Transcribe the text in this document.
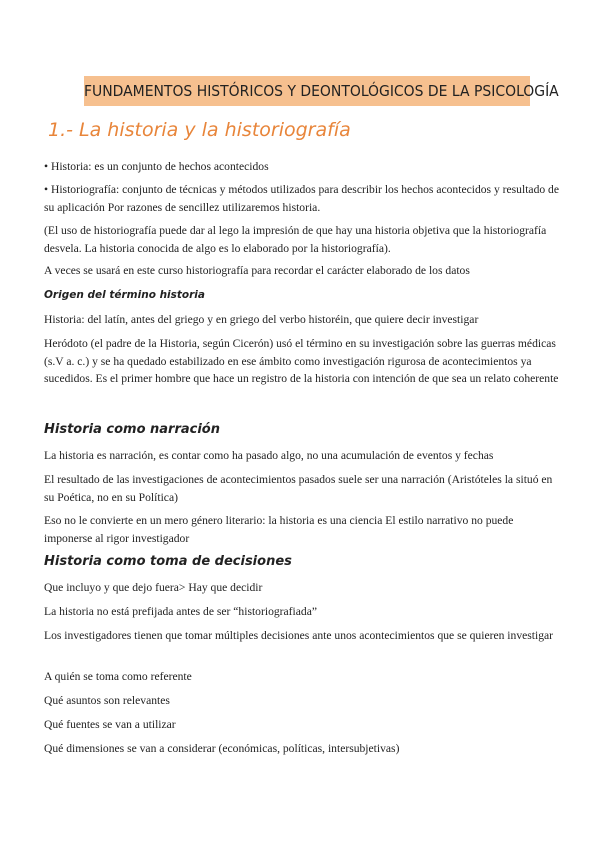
FUNDAMENTOS HISTÓRICOS Y DEONTOLÓGICOS DE LA PSICOLOGÍA
1.- La historia y la historiografía
• Historia: es un conjunto de hechos acontecidos
• Historiografía: conjunto de técnicas y métodos utilizados para describir los hechos acontecidos y resultado de su aplicación Por razones de sencillez utilizaremos historia.
(El uso de historiografía puede dar al lego la impresión de que hay una historia objetiva que la historiografía desvela. La historia conocida de algo es lo elaborado por la historiografía).
A veces se usará en este curso historiografía para recordar el carácter elaborado de los datos
Origen del término historia
Historia: del latín, antes del griego y en griego del verbo historéin, que quiere decir investigar
Heródoto (el padre de la Historia, según Cicerón) usó el término en su investigación sobre las guerras médicas (s.V a. c.) y se ha quedado estabilizado en ese ámbito como investigación rigurosa de acontecimientos ya sucedidos. Es el primer hombre que hace un registro de la historia con intención de que sea un relato coherente
Historia como narración
La historia es narración, es contar como ha pasado algo, no una acumulación de eventos y fechas
El resultado de las investigaciones de acontecimientos pasados suele ser una narración (Aristóteles la situó en su Poética, no en su Política)
Eso no le convierte en un mero género literario: la historia es una ciencia El estilo narrativo no puede imponerse al rigor investigador
Historia como toma de decisiones
Que incluyo y que dejo fuera> Hay que decidir
La historia no está prefijada antes de ser “historiografiada”
Los investigadores tienen que tomar múltiples decisiones ante unos acontecimientos que se quieren investigar
A quién se toma como referente
Qué asuntos son relevantes
Qué fuentes se van a utilizar
Qué dimensiones se van a considerar (económicas, políticas, intersubjetivas)
